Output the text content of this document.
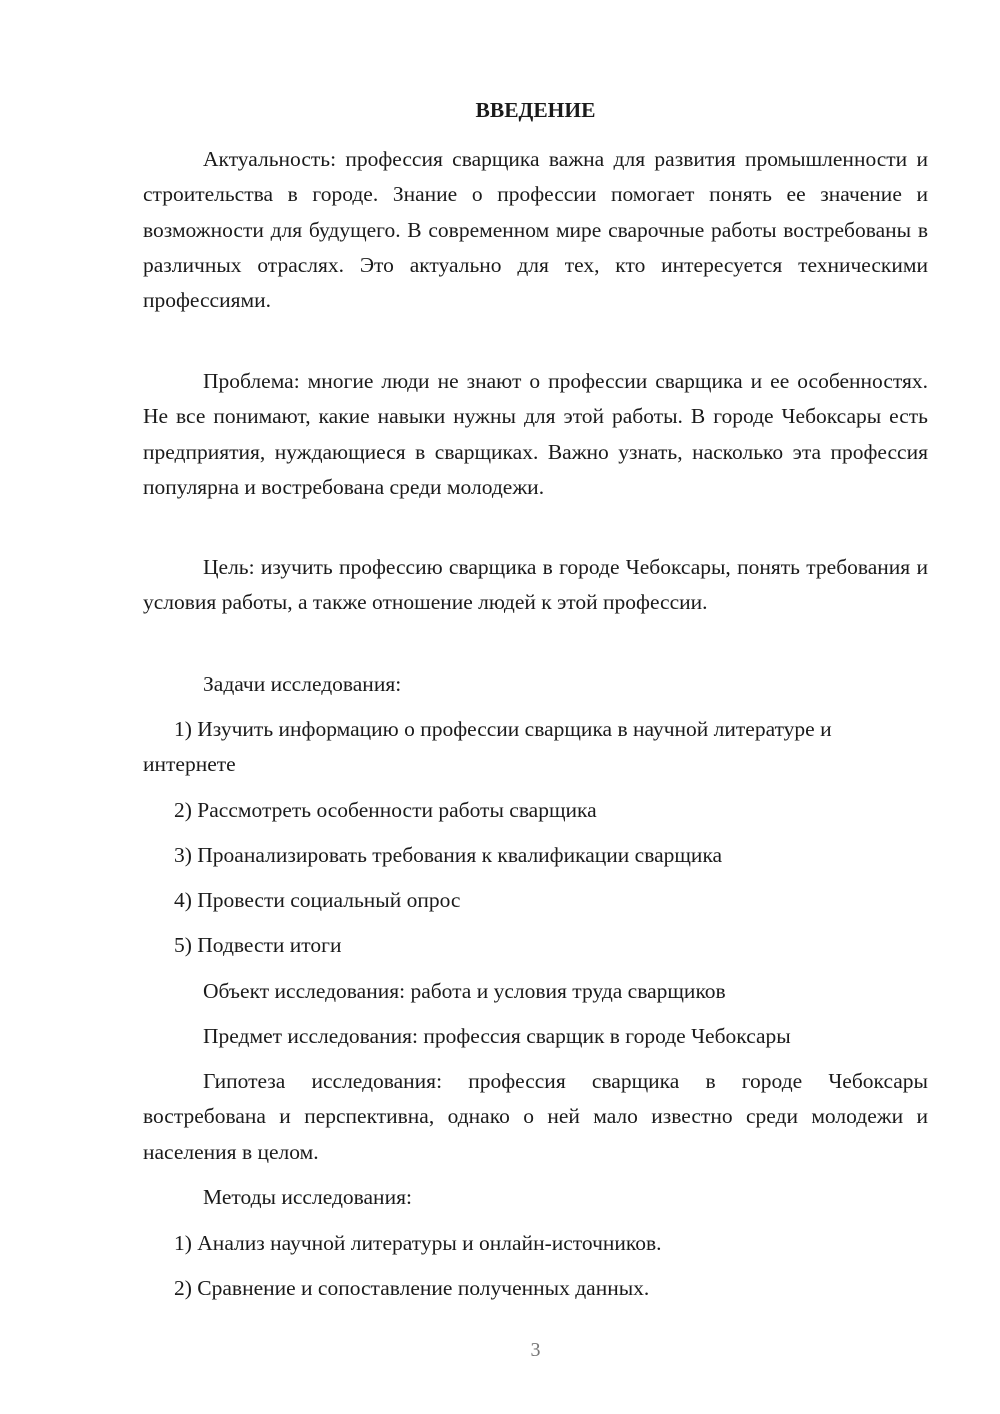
ВВЕДЕНИЕ

Актуальность: профессия сварщика важна для развития промышленности и строительства в городе. Знание о профессии помогает понять ее значение и возможности для будущего. В современном мире сварочные работы востребованы в различных отраслях. Это актуально для тех, кто интересуется техническими профессиями.

Проблема: многие люди не знают о профессии сварщика и ее особенностях. Не все понимают, какие навыки нужны для этой работы. В городе Чебоксары есть предприятия, нуждающиеся в сварщиках. Важно узнать, насколько эта профессия популярна и востребована среди молодежи.

Цель: изучить профессию сварщика в городе Чебоксары, понять требования и условия работы, а также отношение людей к этой профессии.

Задачи исследования:

1) Изучить информацию о профессии сварщика в научной литературе и интернете

2) Рассмотреть особенности работы сварщика

3) Проанализировать требования к квалификации сварщика

4) Провести социальный опрос

5) Подвести итоги

Объект исследования: работа и условия труда сварщиков

Предмет исследования: профессия сварщик в городе Чебоксары

Гипотеза исследования: профессия сварщика в городе Чебоксары востребована и перспективна, однако о ней мало известно среди молодежи и населения в целом.

Методы исследования:

1) Анализ научной литературы и онлайн-источников.

2) Сравнение и сопоставление полученных данных.

3
